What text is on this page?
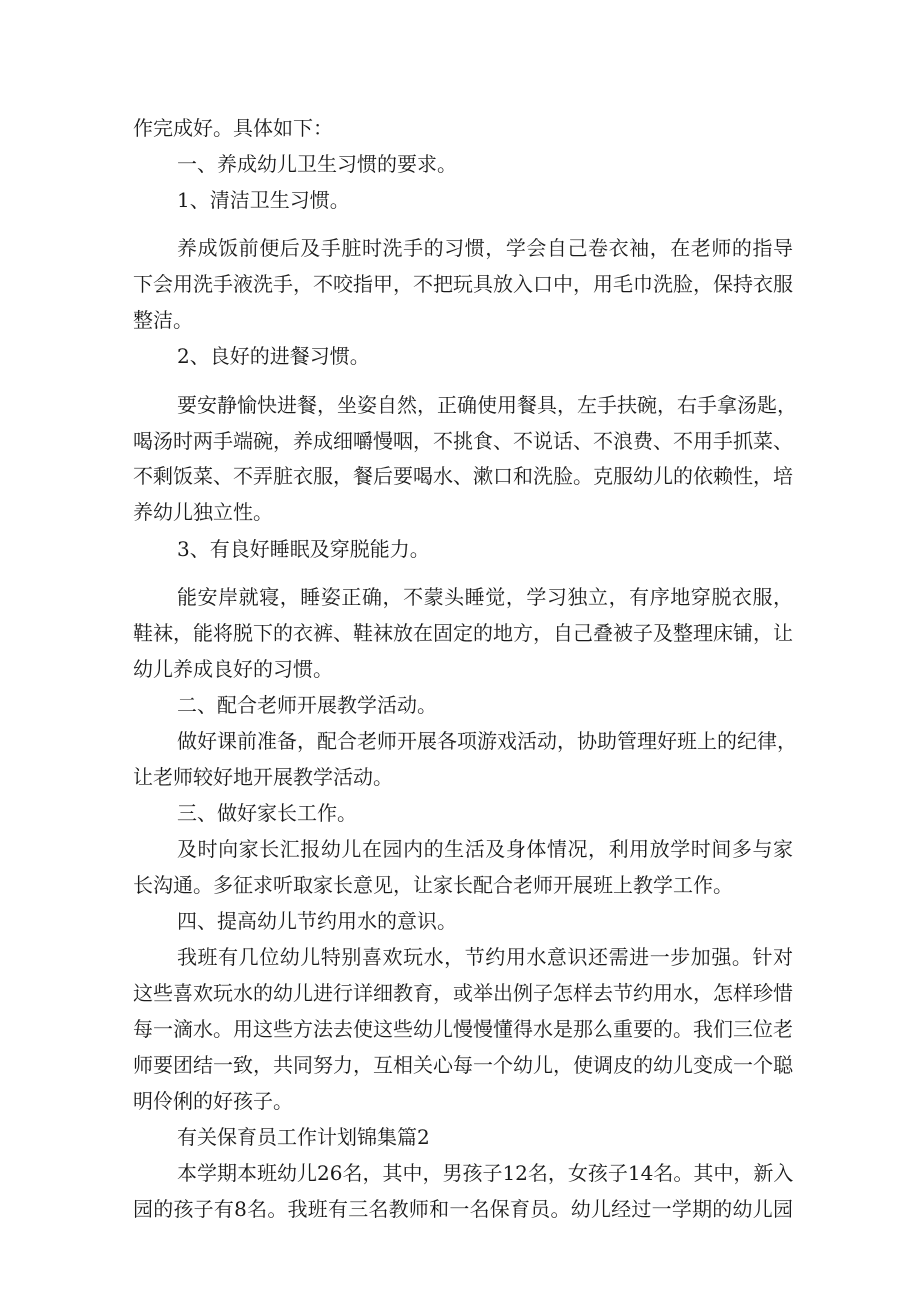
作完成好。具体如下：

一、养成幼儿卫生习惯的要求。

1、清洁卫生习惯。

养成饭前便后及手脏时洗手的习惯，学会自己卷衣袖，在老师的指导

下会用洗手液洗手，不咬指甲，不把玩具放入口中，用毛巾洗脸，保持衣服

整洁。

2、良好的进餐习惯。

要安静愉快进餐，坐姿自然，正确使用餐具，左手扶碗，右手拿汤匙，

喝汤时两手端碗，养成细嚼慢咽，不挑食、不说话、不浪费、不用手抓菜、

不剩饭菜、不弄脏衣服，餐后要喝水、漱口和洗脸。克服幼儿的依赖性，培

养幼儿独立性。

3、有良好睡眠及穿脱能力。

能安岸就寝，睡姿正确，不蒙头睡觉，学习独立，有序地穿脱衣服，

鞋袜，能将脱下的衣裤、鞋袜放在固定的地方，自己叠被子及整理床铺，让

幼儿养成良好的习惯。

二、配合老师开展教学活动。

做好课前准备，配合老师开展各项游戏活动，协助管理好班上的纪律，

让老师较好地开展教学活动。

三、做好家长工作。

及时向家长汇报幼儿在园内的生活及身体情况，利用放学时间多与家

长沟通。多征求听取家长意见，让家长配合老师开展班上教学工作。

四、提高幼儿节约用水的意识。

我班有几位幼儿特别喜欢玩水，节约用水意识还需进一步加强。针对

这些喜欢玩水的幼儿进行详细教育，或举出例子怎样去节约用水，怎样珍惜

每一滴水。用这些方法去使这些幼儿慢慢懂得水是那么重要的。我们三位老

师要团结一致，共同努力，互相关心每一个幼儿，使调皮的幼儿变成一个聪

明伶俐的好孩子。

有关保育员工作计划锦集篇2

本学期本班幼儿26名，其中，男孩子12名，女孩子14名。其中，新入

园的孩子有8名。我班有三名教师和一名保育员。幼儿经过一学期的幼儿园
